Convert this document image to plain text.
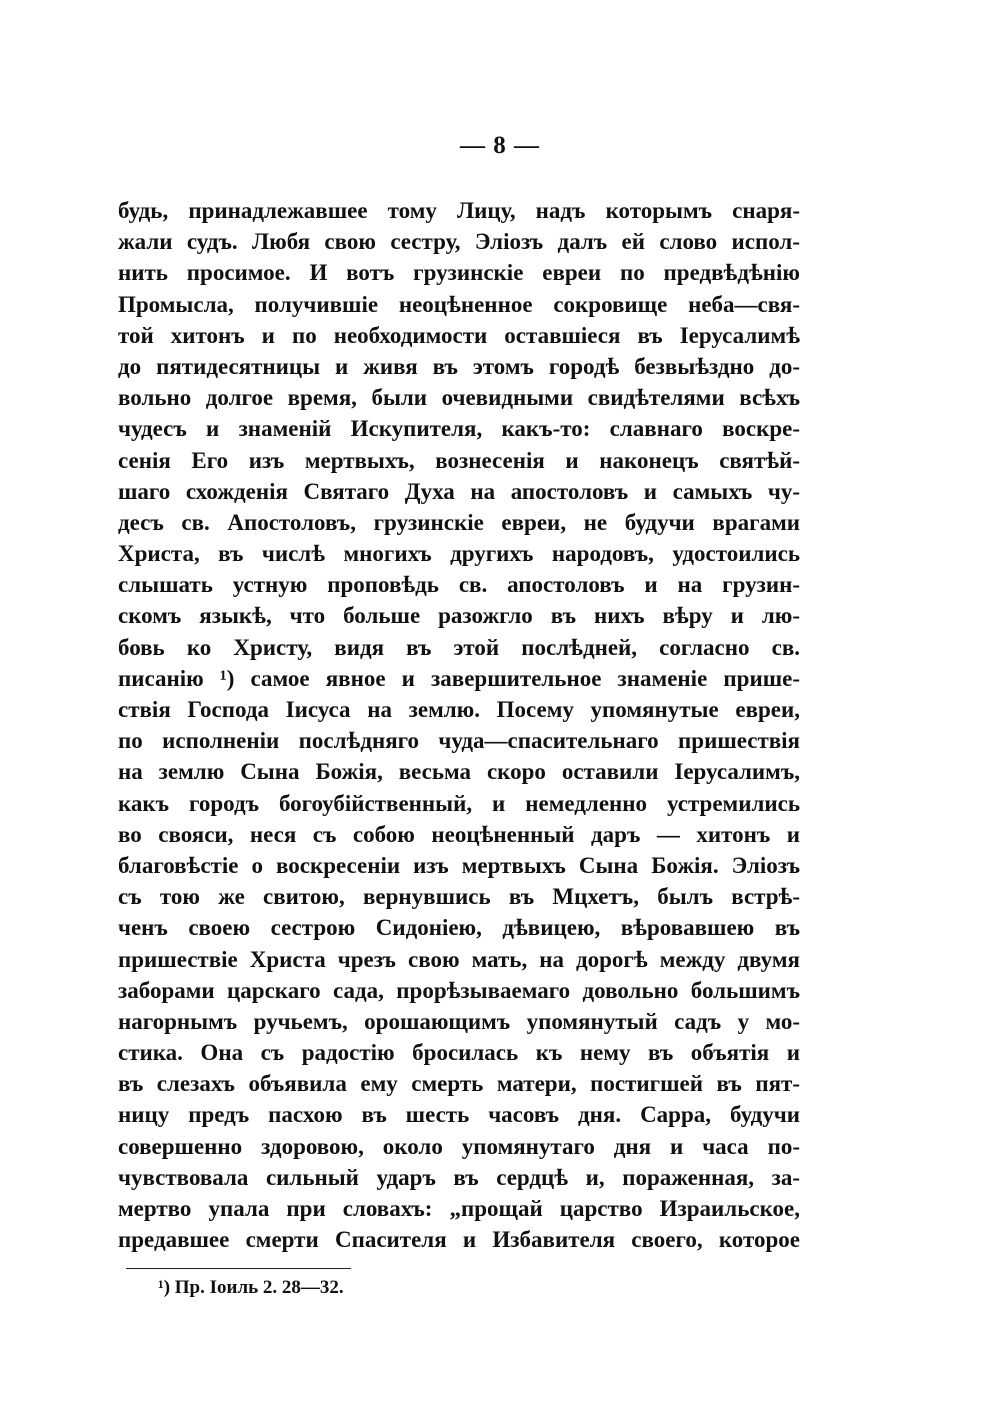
— 8 —
будь, принадлежавшее тому Лицу, надъ которымъ снаря-
жали судъ. Любя свою сестру, Эліозъ далъ ей слово испол-
нить просимое. И вотъ грузинскіе евреи по предвѣдѣнію
Промысла, получившіе неоцѣненное сокровище неба—свя-
той хитонъ и по необходимости оставшіеся въ Іерусалимѣ
до пятидесятницы и живя въ этомъ городѣ безвыѣздно до-
вольно долгое время, были очевидными свидѣтелями всѣхъ
чудесъ и знаменій Искупителя, какъ-то: славнаго воскре-
сенія Его изъ мертвыхъ, вознесенія и наконецъ святѣй-
шаго схожденія Святаго Духа на апостоловъ и самыхъ чу-
десъ св. Апостоловъ, грузинскіе евреи, не будучи врагами
Христа, въ числѣ многихъ другихъ народовъ, удостоились
слышать устную проповѣдь св. апостоловъ и на грузин-
скомъ языкѣ, что больше разожгло въ нихъ вѣру и лю-
бовь ко Христу, видя въ этой послѣдней, согласно св.
писанію ¹) самое явное и завершительное знаменіе прише-
ствія Господа Іисуса на землю. Посему упомянутые евреи,
по исполненіи послѣдняго чуда—спасительнаго пришествія
на землю Сына Божія, весьма скоро оставили Іерусалимъ,
какъ городъ богоубійственный, и немедленно устремились
во свояси, неся съ собою неоцѣненный даръ — хитонъ и
благовѣстіе о воскресеніи изъ мертвыхъ Сына Божія. Эліозъ
съ тою же свитою, вернувшись въ Мцхетъ, былъ встрѣ-
ченъ своею сестрою Сидоніею, дѣвицею, вѣровавшею въ
пришествіе Христа чрезъ свою мать, на дорогѣ между двумя
заборами царскаго сада, прорѣзываемаго довольно большимъ
нагорнымъ ручьемъ, орошающимъ упомянутый садъ у мо-
стика. Она съ радостію бросилась къ нему въ объятія и
въ слезахъ объявила ему смерть матери, постигшей въ пят-
ницу предъ пасхою въ шесть часовъ дня. Сарра, будучи
совершенно здоровою, около упомянутаго дня и часа по-
чувствовала сильный ударъ въ сердцѣ и, пораженная, за-
мертво упала при словахъ: „прощай царство Израильское,
предавшее смерти Спасителя и Избавителя своего, которое
¹) Пр. Іоиль 2. 28—32.
